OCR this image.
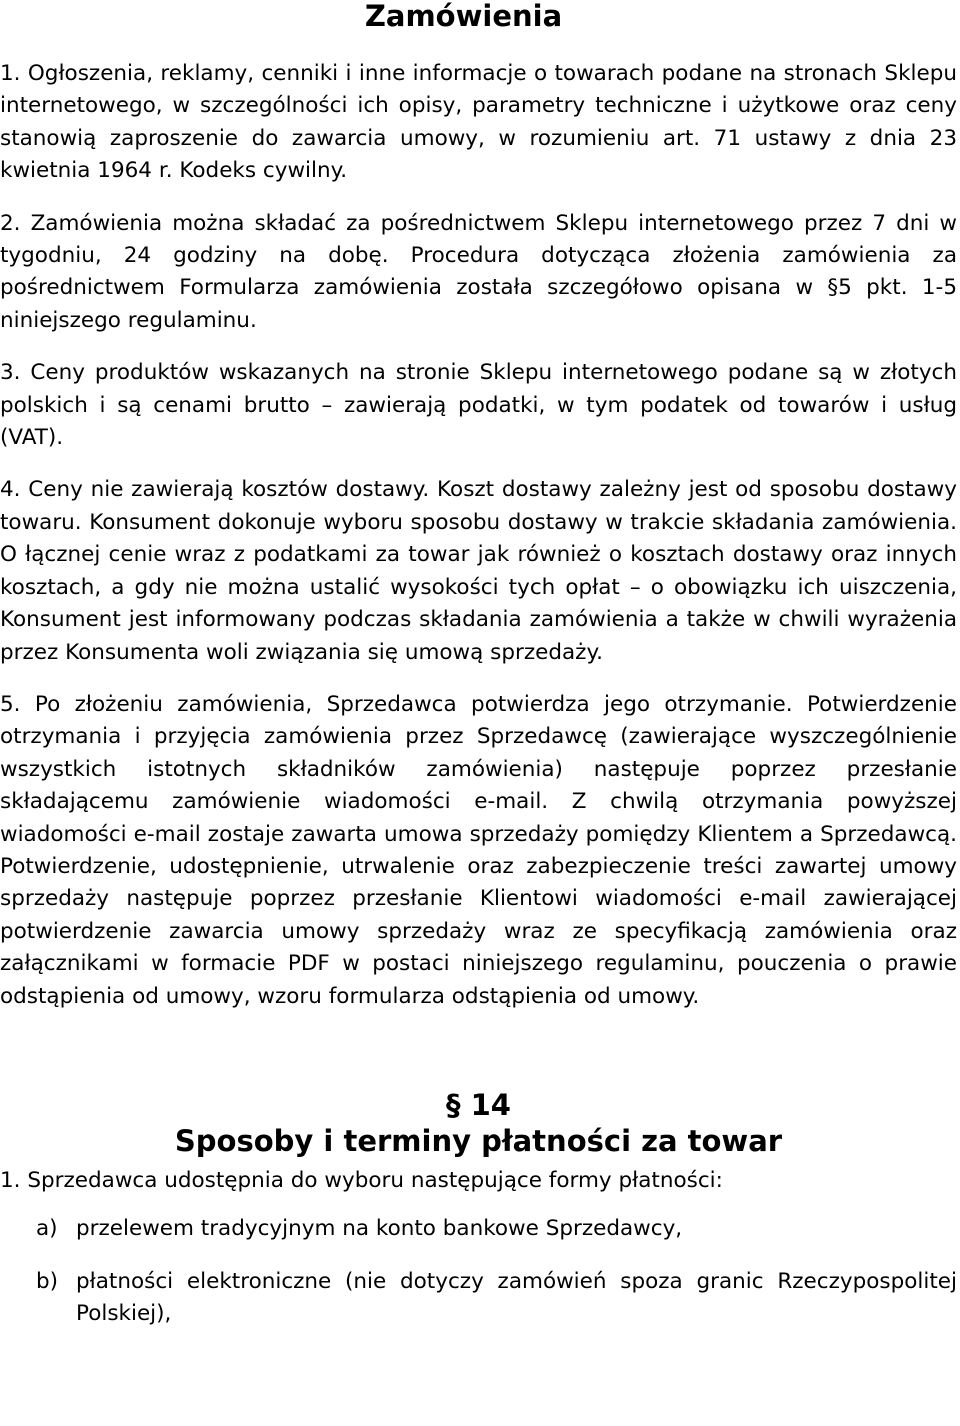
Zamówienia

1. Ogłoszenia, reklamy, cenniki i inne informacje o towarach podane na stronach Sklepu internetowego, w szczególności ich opisy, parametry techniczne i użytkowe oraz ceny stanowią zaproszenie do zawarcia umowy, w rozumieniu art. 71 ustawy z dnia 23 kwietnia 1964 r. Kodeks cywilny.

2. Zamówienia można składać za pośrednictwem Sklepu internetowego przez 7 dni w tygodniu, 24 godziny na dobę. Procedura dotycząca złożenia zamówienia za pośrednictwem Formularza zamówienia została szczegółowo opisana w §5 pkt. 1-5 niniejszego regulaminu.

3. Ceny produktów wskazanych na stronie Sklepu internetowego podane są w złotych polskich i są cenami brutto – zawierają podatki, w tym podatek od towarów i usług (VAT).

4. Ceny nie zawierają kosztów dostawy. Koszt dostawy zależny jest od sposobu dostawy towaru. Konsument dokonuje wyboru sposobu dostawy w trakcie składania zamówienia. O łącznej cenie wraz z podatkami za towar jak również o kosztach dostawy oraz innych kosztach, a gdy nie można ustalić wysokości tych opłat – o obowiązku ich uiszczenia, Konsument jest informowany podczas składania zamówienia a także w chwili wyrażenia przez Konsumenta woli związania się umową sprzedaży.

5. Po złożeniu zamówienia, Sprzedawca potwierdza jego otrzymanie. Potwierdzenie otrzymania i przyjęcia zamówienia przez Sprzedawcę (zawierające wyszczególnienie wszystkich istotnych składników zamówienia) następuje poprzez przesłanie składającemu zamówienie wiadomości e-mail. Z chwilą otrzymania powyższej wiadomości e-mail zostaje zawarta umowa sprzedaży pomiędzy Klientem a Sprzedawcą. Potwierdzenie, udostępnienie, utrwalenie oraz zabezpieczenie treści zawartej umowy sprzedaży następuje poprzez przesłanie Klientowi wiadomości e-mail zawierającej potwierdzenie zawarcia umowy sprzedaży wraz ze specyfikacją zamówienia oraz załącznikami w formacie PDF w postaci niniejszego regulaminu, pouczenia o prawie odstąpienia od umowy, wzoru formularza odstąpienia od umowy.

§ 14
Sposoby i terminy płatności za towar

1. Sprzedawca udostępnia do wyboru następujące formy płatności:

a) przelewem tradycyjnym na konto bankowe Sprzedawcy,
b) płatności elektroniczne (nie dotyczy zamówień spoza granic Rzeczypospolitej Polskiej),
